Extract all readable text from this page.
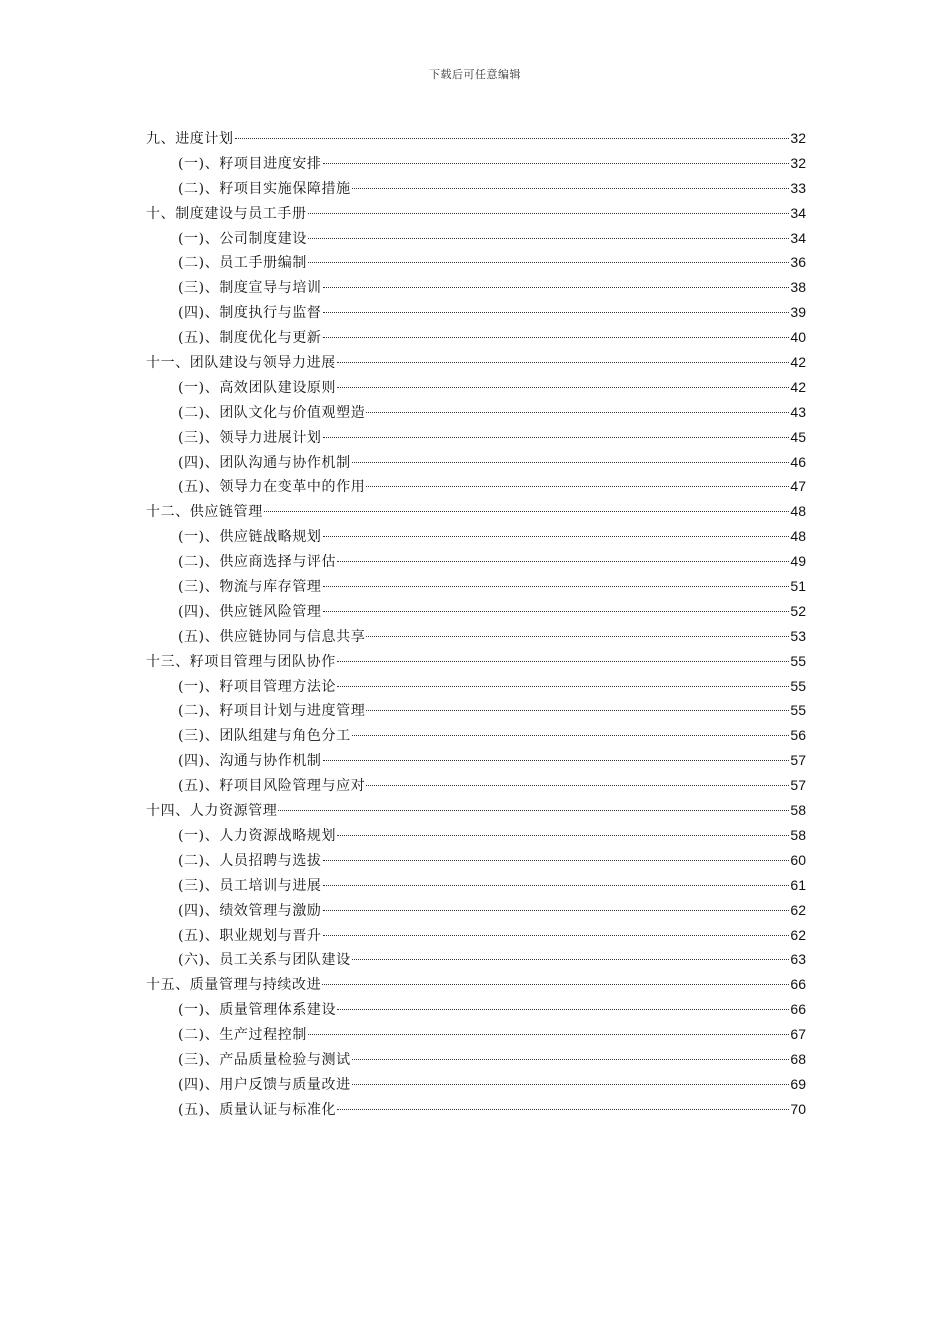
下载后可任意编辑
九、进度计划	32
(一)、籽项目进度安排	32
(二)、籽项目实施保障措施	33
十、制度建设与员工手册	34
(一)、公司制度建设	34
(二)、员工手册编制	36
(三)、制度宣导与培训	38
(四)、制度执行与监督	39
(五)、制度优化与更新	40
十一、团队建设与领导力进展	42
(一)、高效团队建设原则	42
(二)、团队文化与价值观塑造	43
(三)、领导力进展计划	45
(四)、团队沟通与协作机制	46
(五)、领导力在变革中的作用	47
十二、供应链管理	48
(一)、供应链战略规划	48
(二)、供应商选择与评估	49
(三)、物流与库存管理	51
(四)、供应链风险管理	52
(五)、供应链协同与信息共享	53
十三、籽项目管理与团队协作	55
(一)、籽项目管理方法论	55
(二)、籽项目计划与进度管理	55
(三)、团队组建与角色分工	56
(四)、沟通与协作机制	57
(五)、籽项目风险管理与应对	57
十四、人力资源管理	58
(一)、人力资源战略规划	58
(二)、人员招聘与选拔	60
(三)、员工培训与进展	61
(四)、绩效管理与激励	62
(五)、职业规划与晋升	62
(六)、员工关系与团队建设	63
十五、质量管理与持续改进	66
(一)、质量管理体系建设	66
(二)、生产过程控制	67
(三)、产品质量检验与测试	68
(四)、用户反馈与质量改进	69
(五)、质量认证与标准化	70
